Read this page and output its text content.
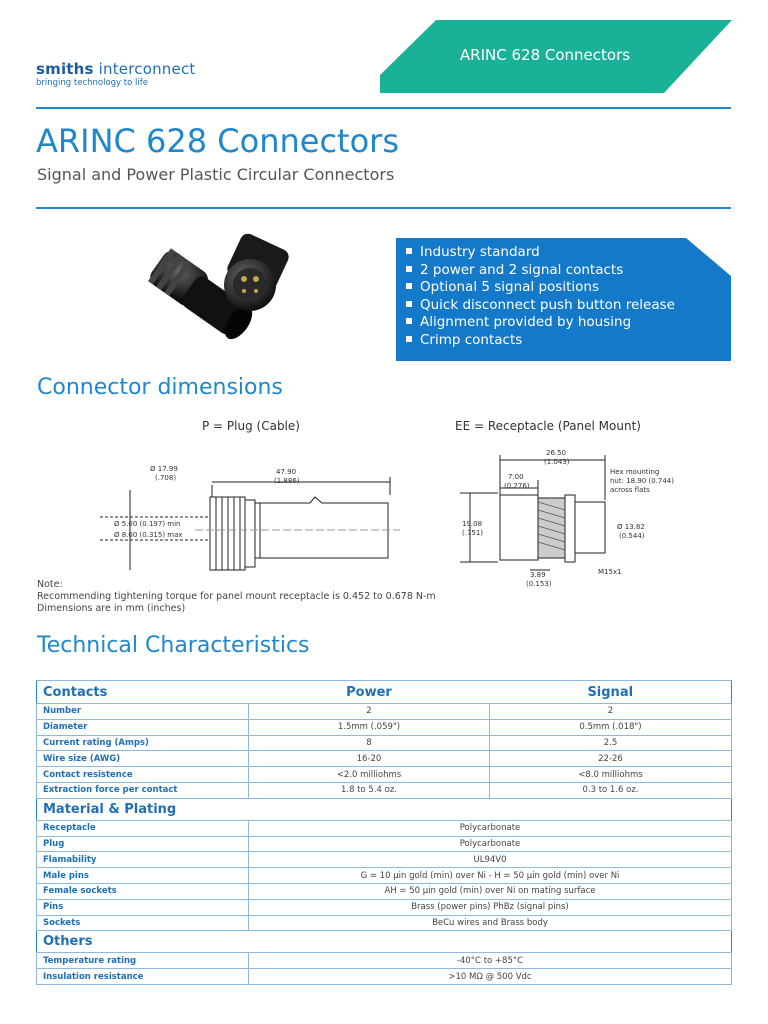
smiths interconnect
bringing technology to life
ARINC 628 Connectors
ARINC 628 Connectors
Signal and Power Plastic Circular Connectors
Industry standard
2 power and 2 signal contacts
Optional 5 signal positions
Quick disconnect push button release
Alignment provided by housing
Crimp contacts
Connector dimensions
P = Plug (Cable)	EE = Receptacle (Panel Mount)
Ø 17.99
(.708)
47.90
(1.886)
Ø 5.00 (0.197) min
Ø 8.00 (0.315) max
26.50
(1.043)
7.00
(0.276)
Hex mounting
nut: 18.90 (0.744)
across flats
19.08
(.751)
Ø 13.82
(0.544)
3.89
(0.153)
M15x1
Note:
Recommending tightening torque for panel mount receptacle is 0.452 to 0.678 N-m
Dimensions are in mm (inches)
Technical Characteristics
Contacts	Power	Signal
Number	2	2
Diameter	1.5mm (.059")	0.5mm (.018")
Current rating (Amps)	8	2.5
Wire size (AWG)	16-20	22-26
Contact resistence	<2.0 milliohms	<8.0 milliohms
Extraction force per contact	1.8 to 5.4 oz.	0.3 to 1.6 oz.
Material & Plating		
Receptacle	Polycarbonate	
Plug	Polycarbonate	
Flamability	UL94V0	
Male pins	G = 10 µin gold (min) over Ni - H = 50 µin gold (min) over Ni	
Female sockets	AH = 50 µin gold (min) over Ni on mating surface	
Pins	Brass (power pins) PhBz (signal pins)	
Sockets	BeCu wires and Brass body	
Others		
Temperature rating	-40°C to +85°C	
Insulation resistance	>10 MΩ @ 500 Vdc	
